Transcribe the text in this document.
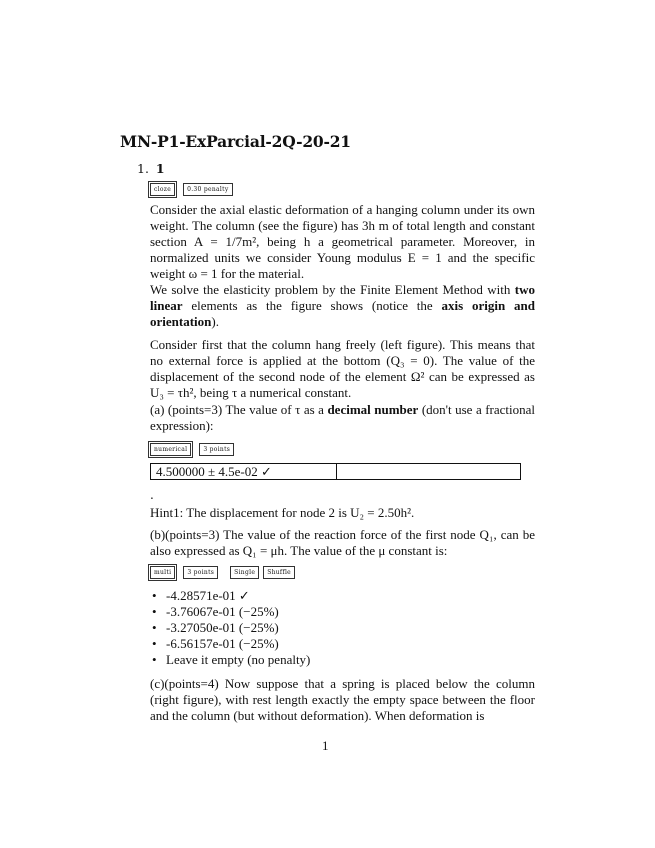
MN-P1-ExParcial-2Q-20-21
1. 1
cloze	0.30 penalty
Consider the axial elastic deformation of a hanging column under its own weight. The column (see the figure) has 3h m of total length and constant section A = 1/7m², being h a geometrical parameter. Moreover, in normalized units we consider Young modulus E = 1 and the specific weight ω = 1 for the material.
We solve the elasticity problem by the Finite Element Method with two linear elements as the figure shows (notice the axis origin and orientation).
Consider first that the column hang freely (left figure). This means that no external force is applied at the bottom (Q₃ = 0). The value of the displacement of the second node of the element Ω² can be expressed as U₃ = τh², being τ a numerical constant.
(a) (points=3) The value of τ as a decimal number (don't use a fractional expression):
numerical	3 points
4.500000 ± 4.5e-02 ✓
.
Hint1: The displacement for node 2 is U₂ = 2.50h².
(b)(points=3) The value of the reaction force of the first node Q₁, can be also expressed as Q₁ = μh. The value of the μ constant is:
multi	3 points	Single	Shuffle
• -4.28571e-01 ✓
• -3.76067e-01 (−25%)
• -3.27050e-01 (−25%)
• -6.56157e-01 (−25%)
• Leave it empty (no penalty)
(c)(points=4) Now suppose that a spring is placed below the column (right figure), with rest length exactly the empty space between the floor and the column (but without deformation). When deformation is
1
